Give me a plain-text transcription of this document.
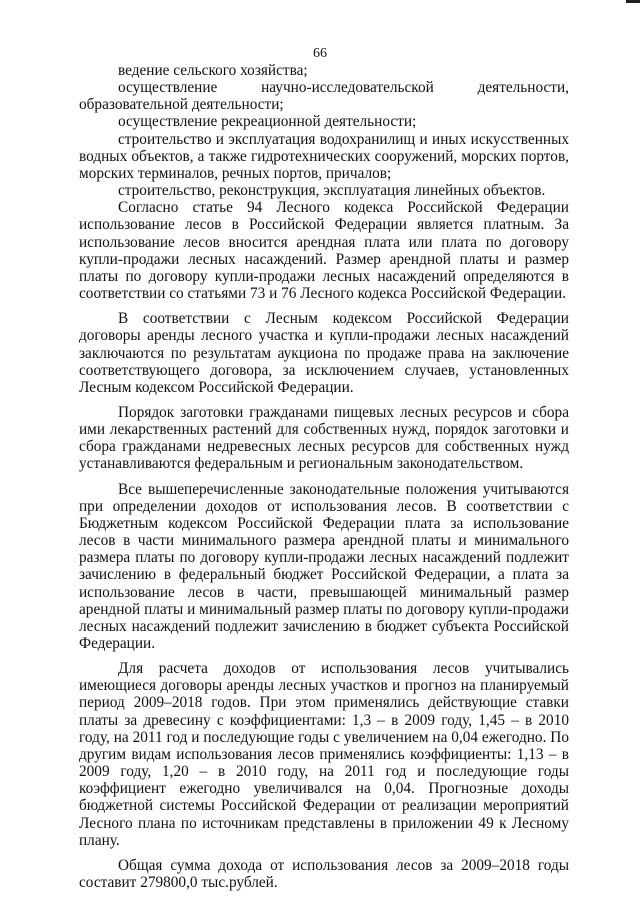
66

ведение сельского хозяйства;

осуществление научно-исследовательской деятельности, образовательной деятельности;

осуществление рекреационной деятельности;

строительство и эксплуатация водохранилищ и иных искусственных водных объектов, а также гидротехнических сооружений, морских портов, морских терминалов, речных портов, причалов;

строительство, реконструкция, эксплуатация линейных объектов.

Согласно статье 94 Лесного кодекса Российской Федерации использование лесов в Российской Федерации является платным. За использование лесов вносится арендная плата или плата по договору купли-продажи лесных насаждений. Размер арендной платы и размер платы по договору купли-продажи лесных насаждений определяются в соответствии со статьями 73 и 76 Лесного кодекса Российской Федерации.

В соответствии с Лесным кодексом Российской Федерации договоры аренды лесного участка и купли-продажи лесных насаждений заключаются по результатам аукциона по продаже права на заключение соответствующего договора, за исключением случаев, установленных Лесным кодексом Российской Федерации.

Порядок заготовки гражданами пищевых лесных ресурсов и сбора ими лекарственных растений для собственных нужд, порядок заготовки и сбора гражданами недревесных лесных ресурсов для собственных нужд устанавливаются федеральным и региональным законодательством.

Все вышеперечисленные законодательные положения учитываются при определении доходов от использования лесов. В соответствии с Бюджетным кодексом Российской Федерации плата за использование лесов в части минимального размера арендной платы и минимального размера платы по договору купли-продажи лесных насаждений подлежит зачислению в федеральный бюджет Российской Федерации, а плата за использование лесов в части, превышающей минимальный размер арендной платы и минимальный размер платы по договору купли-продажи лесных насаждений подлежит зачислению в бюджет субъекта Российской Федерации.

Для расчета доходов от использования лесов учитывались имеющиеся договоры аренды лесных участков и прогноз на планируемый период 2009–2018 годов. При этом применялись действующие ставки платы за древесину с коэффициентами: 1,3 – в 2009 году, 1,45 – в 2010 году, на 2011 год и последующие годы с увеличением на 0,04 ежегодно. По другим видам использования лесов применялись коэффициенты: 1,13 – в 2009 году, 1,20 – в 2010 году, на 2011 год и последующие годы коэффициент ежегодно увеличивался на 0,04. Прогнозные доходы бюджетной системы Российской Федерации от реализации мероприятий Лесного плана по источникам представлены в приложении 49 к Лесному плану.

Общая сумма дохода от использования лесов за 2009–2018 годы составит 279800,0 тыс.рублей.
